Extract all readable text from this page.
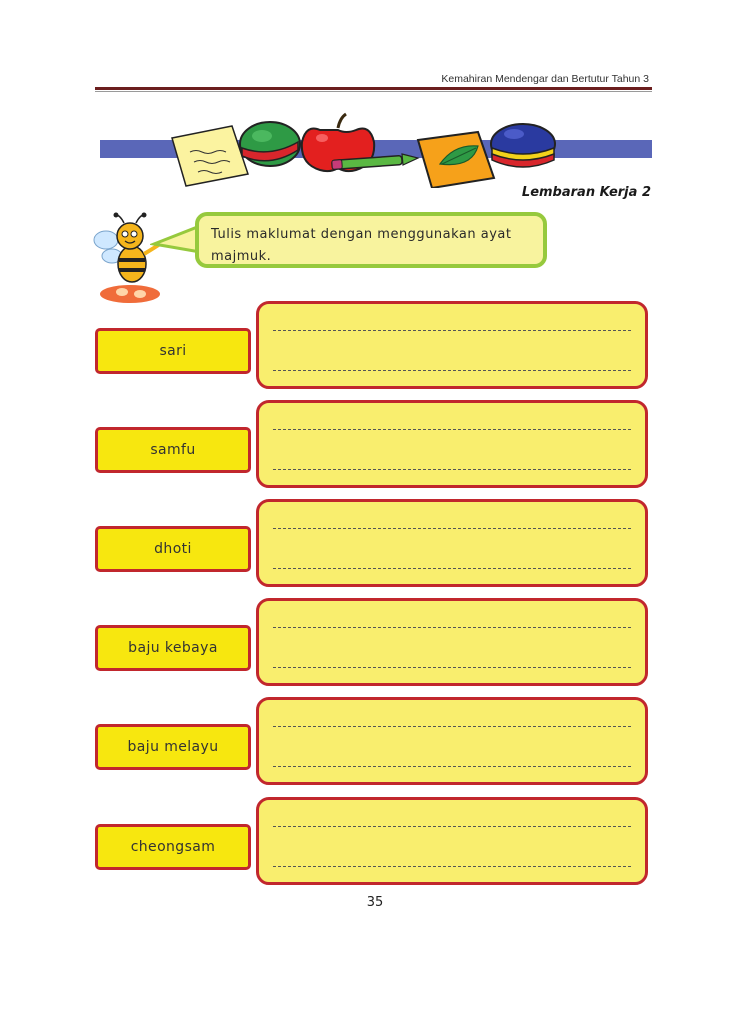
Kemahiran Mendengar dan Bertutur Tahun 3
Lembaran Kerja 2
Tulis maklumat dengan menggunakan ayat majmuk.
sari
samfu
dhoti
baju kebaya
baju melayu
cheongsam
35
